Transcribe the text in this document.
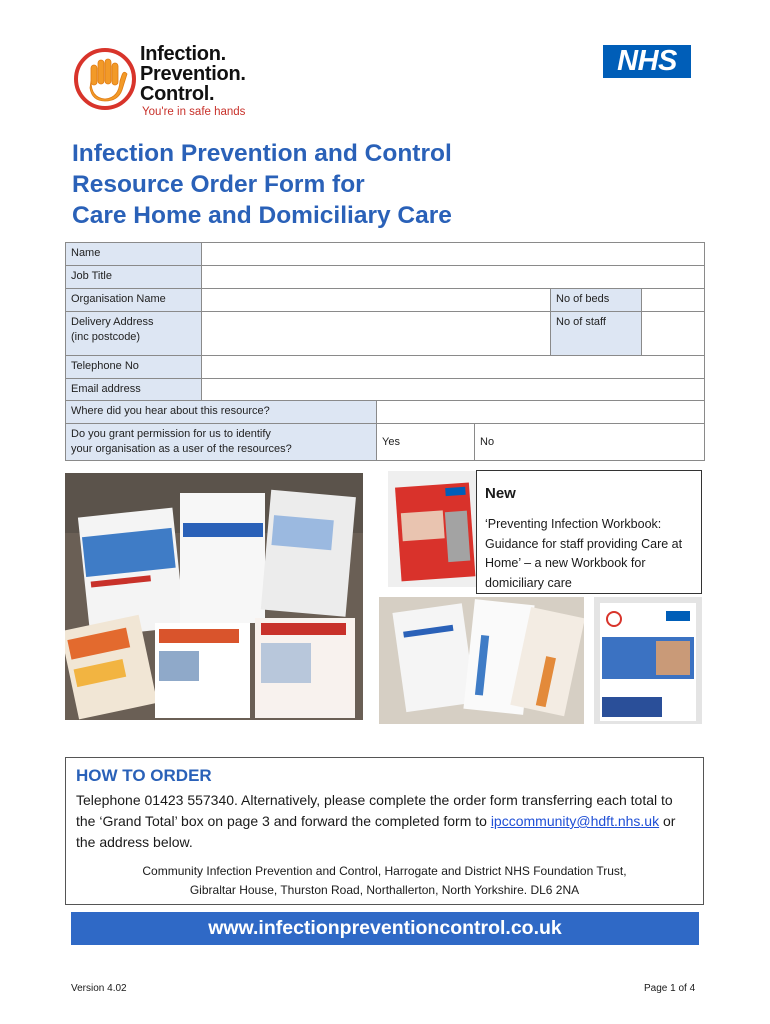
Infection.
Prevention.
Control.
You're in safe hands
NHS
Infection Prevention and Control
Resource Order Form for
Care Home and Domiciliary Care
Name					
Job Title					
Organisation Name				No of beds	
Delivery Address
(inc postcode)				No of staff	
Telephone No					
Email address					
Where did you hear about this resource?					
Do you grant permission for us to identify
your organisation as a user of the resources?		Yes	No		
New
‘Preventing Infection Workbook: Guidance for staff providing Care at Home’ – a new Workbook for domiciliary care
HOW TO ORDER
Telephone 01423 557340. Alternatively, please complete the order form transferring each total to the ‘Grand Total’ box on page 3 and forward the completed form to ipccommunity@hdft.nhs.uk or the address below.
Community Infection Prevention and Control, Harrogate and District NHS Foundation Trust,
Gibraltar House, Thurston Road, Northallerton, North Yorkshire. DL6 2NA
www.infectionpreventioncontrol.co.uk
Version 4.02	Page 1 of 4
